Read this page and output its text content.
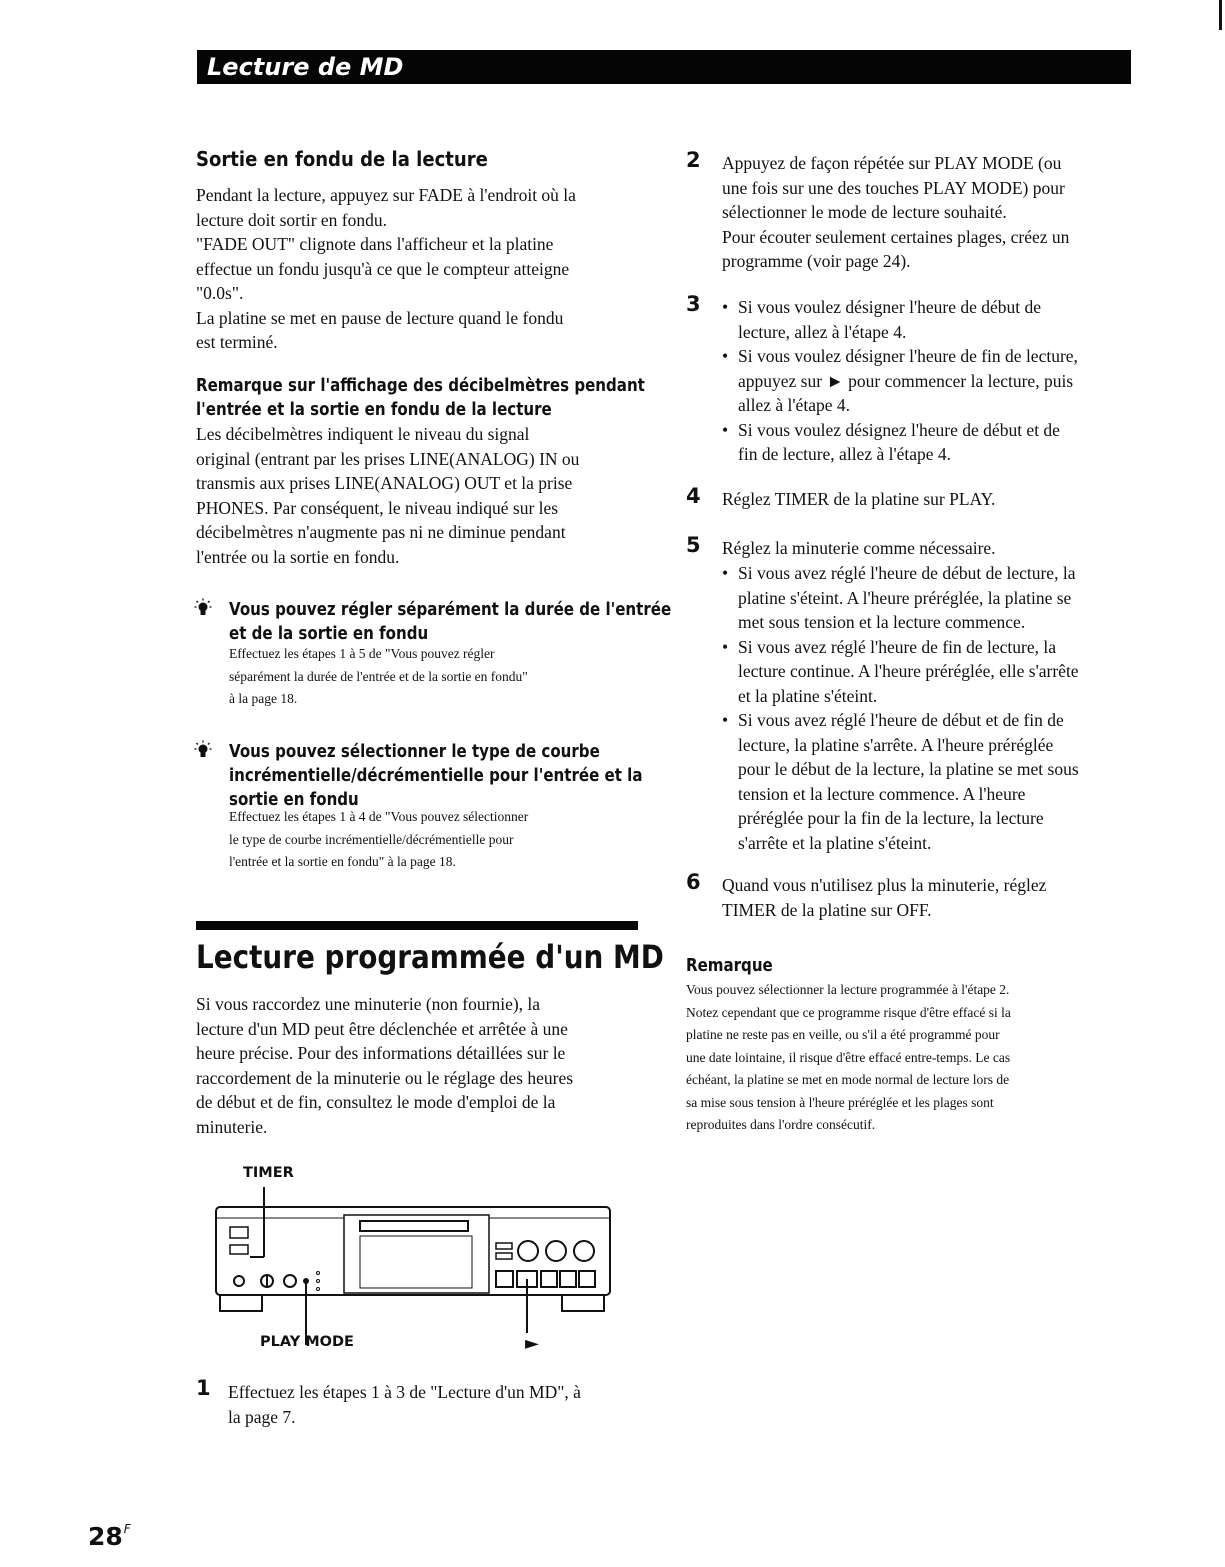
Lecture de MD
Sortie en fondu de la lecture
Pendant la lecture, appuyez sur FADE à l'endroit où la
lecture doit sortir en fondu.
"FADE OUT" clignote dans l'afficheur et la platine
effectue un fondu jusqu'à ce que le compteur atteigne
"0.0s".
La platine se met en pause de lecture quand le fondu
est terminé.
Remarque sur l'affichage des décibelmètres pendant
l'entrée et la sortie en fondu de la lecture
Les décibelmètres indiquent le niveau du signal
original (entrant par les prises LINE(ANALOG) IN ou
transmis aux prises LINE(ANALOG) OUT et la prise
PHONES. Par conséquent, le niveau indiqué sur les
décibelmètres n'augmente pas ni ne diminue pendant
l'entrée ou la sortie en fondu.
Vous pouvez régler séparément la durée de l'entrée
et de la sortie en fondu
Effectuez les étapes 1 à 5 de "Vous pouvez régler
séparément la durée de l'entrée et de la sortie en fondu"
à la page 18.
Vous pouvez sélectionner le type de courbe
incrémentielle/décrémentielle pour l'entrée et la
sortie en fondu
Effectuez les étapes 1 à 4 de "Vous pouvez sélectionner
le type de courbe incrémentielle/décrémentielle pour
l'entrée et la sortie en fondu" à la page 18.
Lecture programmée d'un MD
Si vous raccordez une minuterie (non fournie), la
lecture d'un MD peut être déclenchée et arrêtée à une
heure précise. Pour des informations détaillées sur le
raccordement de la minuterie ou le réglage des heures
de début et de fin, consultez le mode d'emploi de la
minuterie.
TIMER
PLAY MODE	►
1 Effectuez les étapes 1 à 3 de "Lecture d'un MD", à
la page 7.
2 Appuyez de façon répétée sur PLAY MODE (ou
une fois sur une des touches PLAY MODE) pour
sélectionner le mode de lecture souhaité.
Pour écouter seulement certaines plages, créez un
programme (voir page 24).
3
• Si vous voulez désigner l'heure de début de
lecture, allez à l'étape 4.
• Si vous voulez désigner l'heure de fin de lecture,
appuyez sur ► pour commencer la lecture, puis
allez à l'étape 4.
• Si vous voulez désignez l'heure de début et de
fin de lecture, allez à l'étape 4.
4 Réglez TIMER de la platine sur PLAY.
5 Réglez la minuterie comme nécessaire.
• Si vous avez réglé l'heure de début de lecture, la
platine s'éteint. A l'heure préréglée, la platine se
met sous tension et la lecture commence.
• Si vous avez réglé l'heure de fin de lecture, la
lecture continue. A l'heure préréglée, elle s'arrête
et la platine s'éteint.
• Si vous avez réglé l'heure de début et de fin de
lecture, la platine s'arrête. A l'heure préréglée
pour le début de la lecture, la platine se met sous
tension et la lecture commence. A l'heure
préréglée pour la fin de la lecture, la lecture
s'arrête et la platine s'éteint.
6 Quand vous n'utilisez plus la minuterie, réglez
TIMER de la platine sur OFF.
Remarque
Vous pouvez sélectionner la lecture programmée à l'étape 2.
Notez cependant que ce programme risque d'être effacé si la
platine ne reste pas en veille, ou s'il a été programmé pour
une date lointaine, il risque d'être effacé entre-temps. Le cas
échéant, la platine se met en mode normal de lecture lors de
sa mise sous tension à l'heure préréglée et les plages sont
reproduites dans l'ordre consécutif.
$28^F$
